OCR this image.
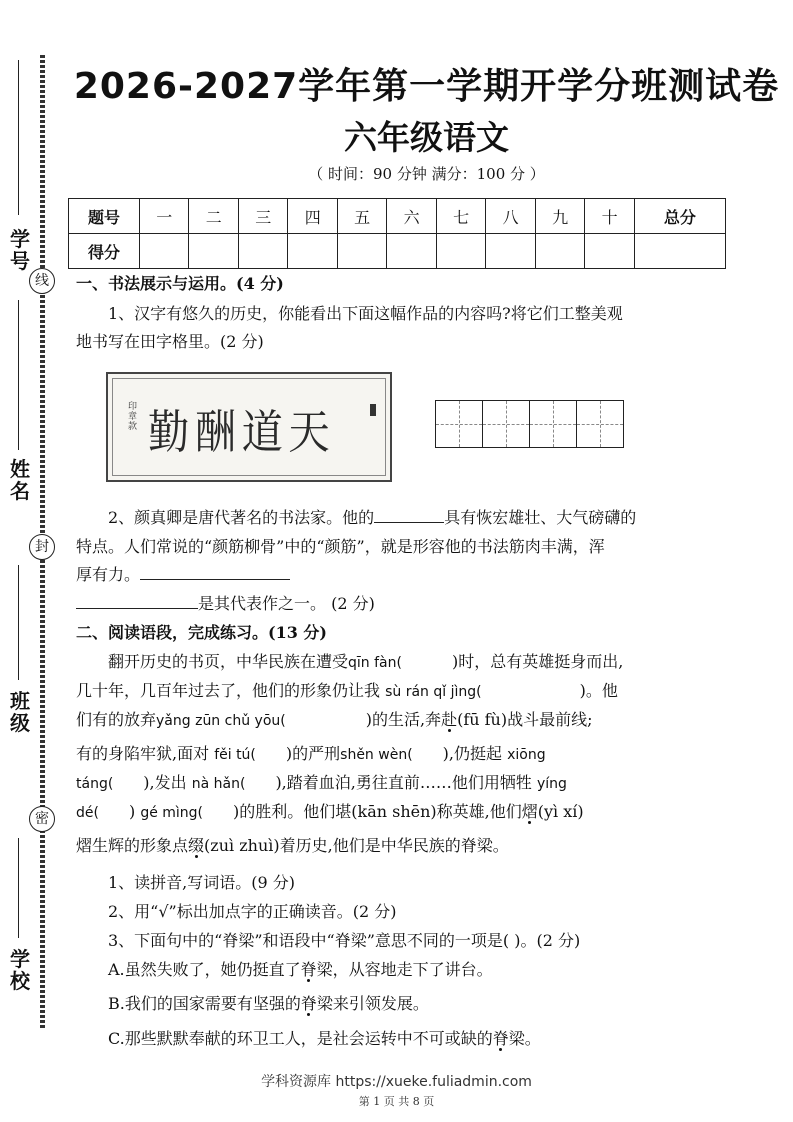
学号
线
姓名
封
班级
密
学校
2026-2027学年第一学期开学分班测试卷
六年级语文
（ 时间：90 分钟 满分：100 分 ）
题号	一	二	三	四	五	六	七	八	九	十	总分
得分											
一、书法展示与运用。(4 分)
1、汉字有悠久的历史，你能看出下面这幅作品的内容吗?将它们工整美观
地书写在田字格里。(2 分)
印
章
款 勤酬道天
2、颜真卿是唐代著名的书法家。他的	具有恢宏雄壮、大气磅礴的
特点。人们常说的“颜筋柳骨”中的“颜筋”，就是形容他的书法筋肉丰满，浑
厚有力。
是其代表作之一。 (2 分)
二、阅读语段，完成练习。(13 分)
翻开历史的书页，中华民族在遭受qīn fàn(	)时，总有英雄挺身而出,
几十年，几百年过去了，他们的形象仍让我 sù rán qǐ jìng(	)。他
们有的放弃yǎng zūn chǔ yōu(	)的生活,奔赴(fū fù)战斗最前线;
有的身陷牢狱,面对 fěi tú( )的严刑shěn wèn( ),仍挺起 xiōng
táng( ),发出 nà hǎn( ),踏着血泊,勇往直前……他们用牺牲 yíng
dé( ) gé mìng( )的胜利。他们堪(kān shēn)称英雄,他们熠(yì xí)
熠生辉的形象点缀(zuì zhuì)着历史,他们是中华民族的脊梁。
1、读拼音,写词语。(9 分)
2、用“√”标出加点字的正确读音。(2 分)
3、下面句中的“脊梁”和语段中“脊梁”意思不同的一项是( )。(2 分)
A.虽然失败了，她仍挺直了脊梁，从容地走下了讲台。
B.我们的国家需要有坚强的脊梁来引领发展。
C.那些默默奉献的环卫工人，是社会运转中不可或缺的脊梁。
学科资源库 https://xueke.fuliadmin.com
第 1 页 共 8 页
